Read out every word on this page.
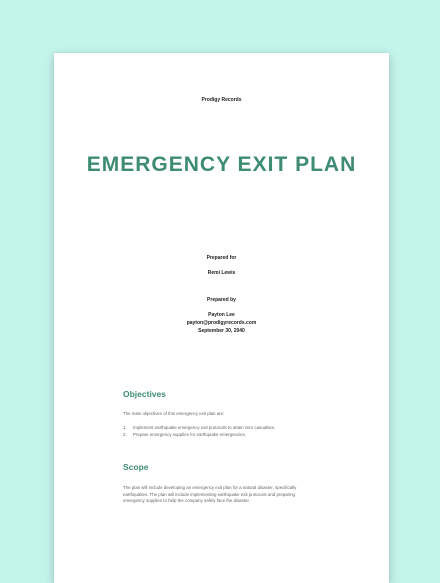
Prodigy Records
EMERGENCY EXIT PLAN
Prepared for
Remi Lewis
Prepared by
Payton Lee
payton@prodigyrecords.com
September 30, 2040
Objectives
The main objectives of this emergency exit plan are:
1. Implement earthquake emergency exit protocols to attain zero casualties.
2. Prepare emergency supplies for earthquake emergencies.
Scope
The plan will include developing an emergency exit plan for a natural disaster, specifically earthquakes. The plan will include implementing earthquake exit protocols and preparing emergency supplies to help the company safely face the disaster.
